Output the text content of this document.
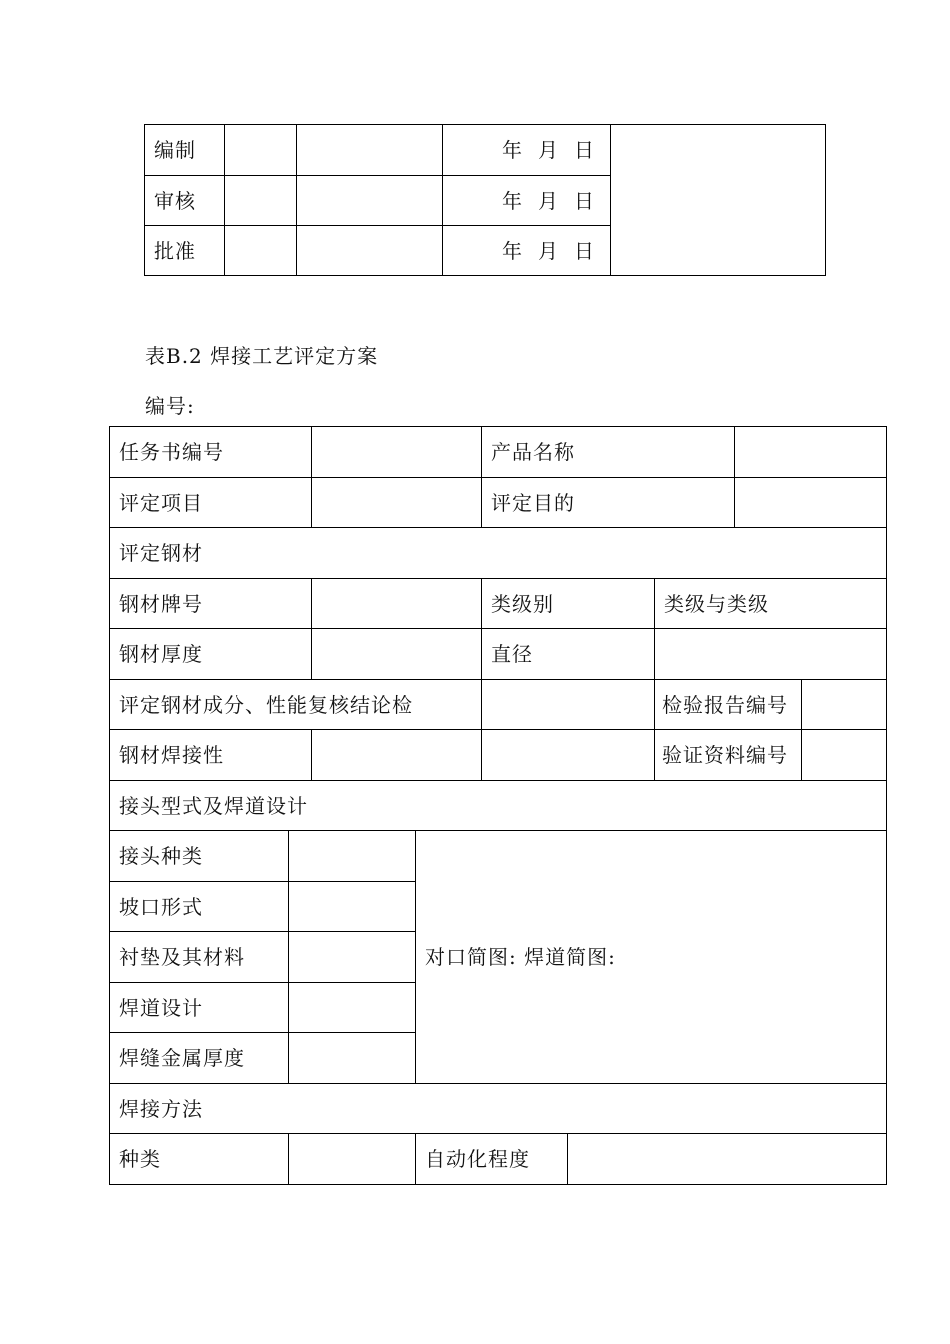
编制			年 月 日	
审核			年 月 日	
批准			年 月 日	
表B.2 焊接工艺评定方案
编号:
任务书编号				产品名称				
评定项目				评定目的				
评定钢材								
钢材牌号				类级别		类级与类级		
钢材厚度				直径				
评定钢材成分、性能复核结论检						检验报告编号		
钢材焊接性						验证资料编号		
接头型式及焊道设计								
接头种类			对口简图: 焊道简图:					
坡口形式								
衬垫及其材料								
焊道设计								
焊缝金属厚度								
焊接方法								
种类			自动化程度					
